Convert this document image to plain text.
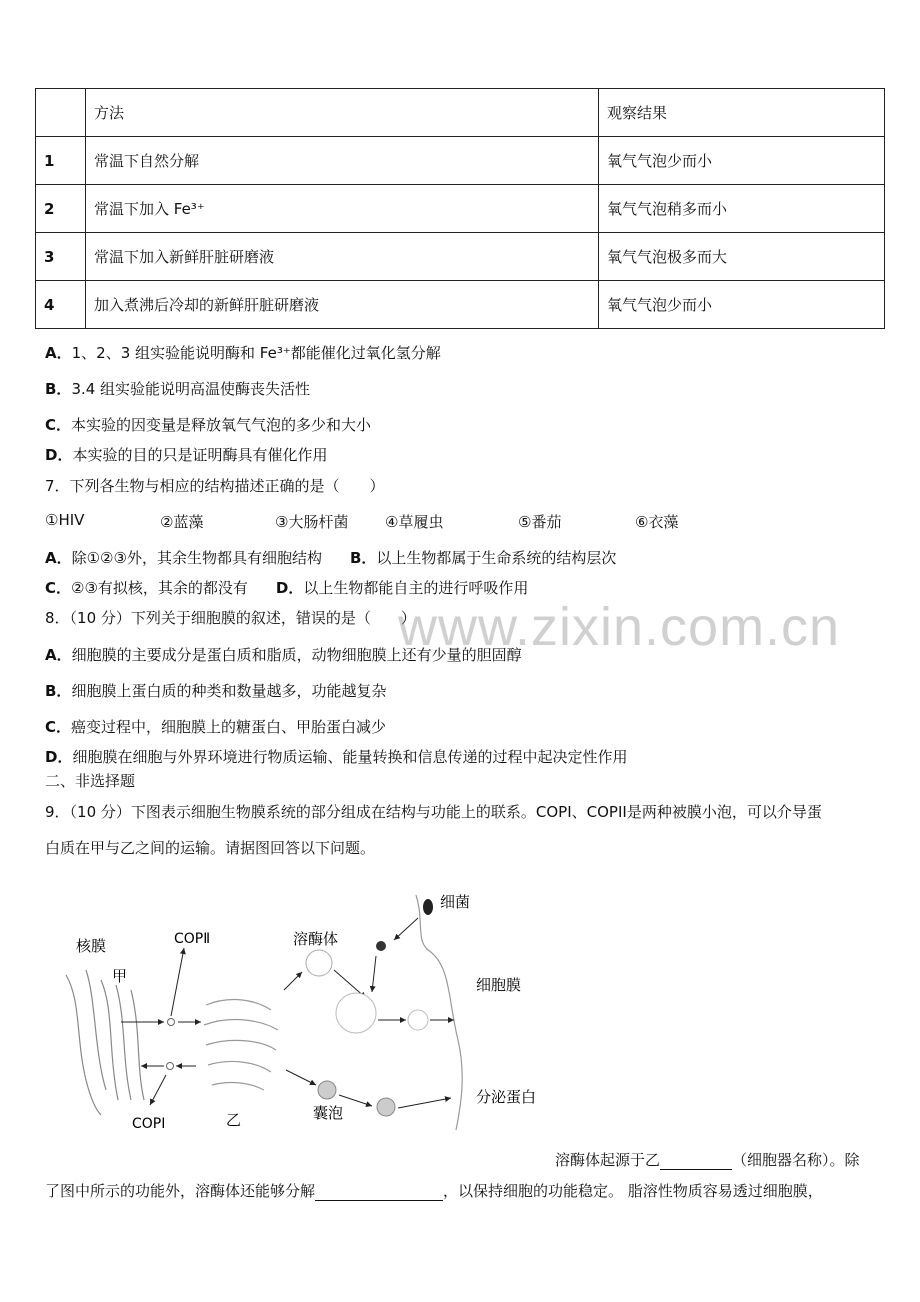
www.zixin.com.cn
	方法	观察结果
1	常温下自然分解	氧气气泡少而小
2	常温下加入 Fe³⁺	氧气气泡稍多而小
3	常温下加入新鲜肝脏研磨液	氧气气泡极多而大
4	加入煮沸后冷却的新鲜肝脏研磨液	氧气气泡少而小
A．1、2、3 组实验能说明酶和 Fe³⁺都能催化过氧化氢分解
B．3.4 组实验能说明高温使酶丧失活性
C．本实验的因变量是释放氧气气泡的多少和大小
D．本实验的目的只是证明酶具有催化作用
7．下列各生物与相应的结构描述正确的是（　　）
①HIV	②蓝藻	③大肠杆菌 ④草履虫	⑤番茄	⑥衣藻
A．除①②③外，其余生物都具有细胞结构 B．以上生物都属于生命系统的结构层次
C．②③有拟核，其余的都没有 D．以上生物都能自主的进行呼吸作用
8．（10 分）下列关于细胞膜的叙述，错误的是（　　）
A．细胞膜的主要成分是蛋白质和脂质，动物细胞膜上还有少量的胆固醇
B．细胞膜上蛋白质的种类和数量越多，功能越复杂
C．癌变过程中，细胞膜上的糖蛋白、甲胎蛋白减少
D．细胞膜在细胞与外界环境进行物质运输、能量转换和信息传递的过程中起决定性作用
二、非选择题
9．（10 分）下图表示细胞生物膜系统的部分组成在结构与功能上的联系。COPI、COPII是两种被膜小泡，可以介导蛋
白质在甲与乙之间的运输。请据图回答以下问题。
核膜
甲
COPⅡ
COPⅠ	乙
溶酶体
细菌
细胞膜
囊泡
分泌蛋白
溶酶体起源于乙	（细胞器名称）。除
了图中所示的功能外，溶酶体还能够分解	，以保持细胞的功能稳定。 脂溶性物质容易透过细胞膜，
